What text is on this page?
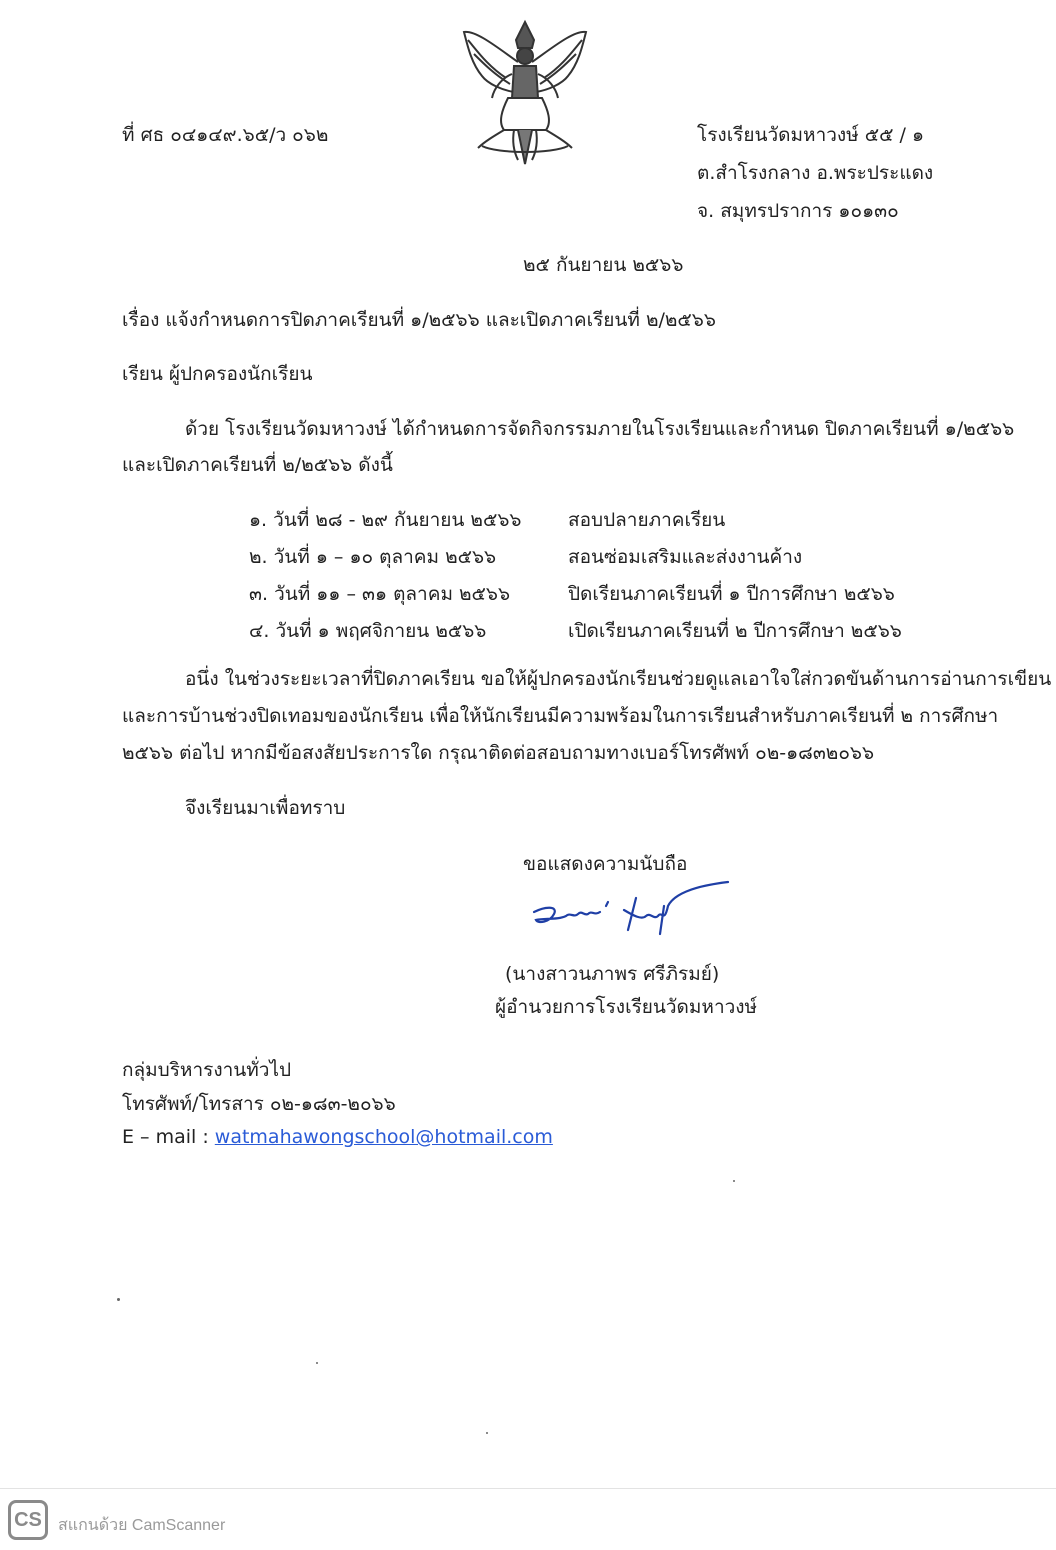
ที่ ศธ ๐๔๑๔๙.๖๕/ว ๐๖๒	โรงเรียนวัดมหาวงษ์ ๕๕ / ๑
ต.สำโรงกลาง อ.พระประแดง
จ. สมุทรปราการ ๑๐๑๓๐
๒๕ กันยายน ๒๕๖๖
เรื่อง แจ้งกำหนดการปิดภาคเรียนที่ ๑/๒๕๖๖ และเปิดภาคเรียนที่ ๒/๒๕๖๖
เรียน ผู้ปกครองนักเรียน
ด้วย โรงเรียนวัดมหาวงษ์ ได้กำหนดการจัดกิจกรรมภายในโรงเรียนและกำหนด ปิดภาคเรียนที่ ๑/๒๕๖๖
และเปิดภาคเรียนที่ ๒/๒๕๖๖ ดังนี้
๑. วันที่ ๒๘ - ๒๙ กันยายน ๒๕๖๖ สอบปลายภาคเรียน
๒. วันที่ ๑ – ๑๐ ตุลาคม ๒๕๖๖	สอนซ่อมเสริมและส่งงานค้าง
๓. วันที่ ๑๑ – ๓๑ ตุลาคม ๒๕๖๖	ปิดเรียนภาคเรียนที่ ๑ ปีการศึกษา ๒๕๖๖
๔. วันที่ ๑ พฤศจิกายน ๒๕๖๖	เปิดเรียนภาคเรียนที่ ๒ ปีการศึกษา ๒๕๖๖
อนึ่ง ในช่วงระยะเวลาที่ปิดภาคเรียน ขอให้ผู้ปกครองนักเรียนช่วยดูแลเอาใจใส่กวดขันด้านการอ่านการเขียน
และการบ้านช่วงปิดเทอมของนักเรียน เพื่อให้นักเรียนมีความพร้อมในการเรียนสำหรับภาคเรียนที่ ๒ การศึกษา
๒๕๖๖ ต่อไป หากมีข้อสงสัยประการใด กรุณาติดต่อสอบถามทางเบอร์โทรศัพท์ ๐๒-๑๘๓๒๐๖๖
จึงเรียนมาเพื่อทราบ
ขอแสดงความนับถือ
(นางสาวนภาพร ศรีภิรมย์)
ผู้อำนวยการโรงเรียนวัดมหาวงษ์
กลุ่มบริหารงานทั่วไป
โทรศัพท์/โทรสาร ๐๒-๑๘๓-๒๐๖๖
E – mail : watmahawongschool@hotmail.com
CS	สแกนด้วย CamScanner
